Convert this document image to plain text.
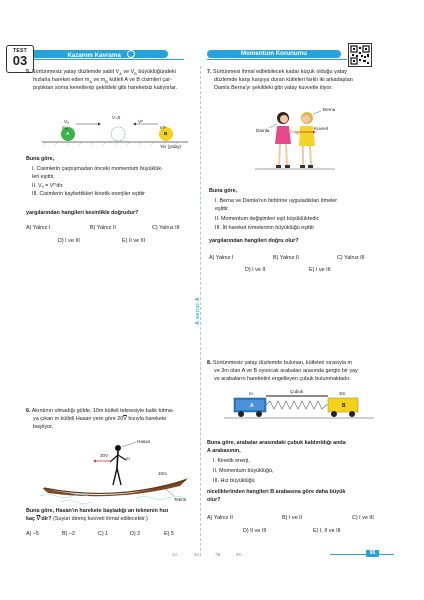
TEST
03	Kazanım Kavrama	Momentum Korunumu
A serisi A
5. Sürtünmesiz yatay düzlemde sabit $V_A$ ve $V_B$ büyüklüğündeki
hızlarla hareket eden $m_A$ ve $m_B$ kütleli A ve B cisimleri çar-
pıştıktan sonra kenetlenip şekildeki gibi hareketsiz kalıyorlar.
Vₐ	Vᵇ
V=0
mₐ	mᵇ
A	B
Yer (yatay)
Buna göre,
I. Cisimlerin çarpışmadan önceki momentum büyüklük-
leri eşittir.
II. Vₐ = Vᵇ'dir.
III. Cisimlerin kaybettikleri kinetik enerjiler eşittir
yargılarından hangileri kesinlikle doğrudur?
A) Yalnız I	B) Yalnız II	C) Yalnız III
D) I ve III	E) II ve III
6. Akıntının olmadığı gölde, 10m kütleli teknesiyle balık tutma-
ya çıkan m kütleli Hasan yere göre $20\overline{V}$ hızıyla harekete
başlıyor.
Hasan
20V
m
10m
Tekne
Buna göre, Hasan'ın harekete başladığı an teknenin hızı
kaç $\overline{V}'dir$? (Suyun direnç kuvveti ihmal edilecektir.)
A) –5	B) –2	C) 1	D) 2	E) 5
7. Sürtünmesi ihmal edilebilecek kadar küçük olduğu yatay
düzlemde karşı karşıya duran kütleleri farklı iki arkadaştan
Damla Berna'yı şekildeki gibi yatay kuvvetle itiyor.
Berna
Damla	Kuvvet
Buna göre,
I. Berna ve Damla'nın birbirine uyguladıkları itmeler
eşittir.
II. Momentum değişimleri eşit büyüklüktedir.
III. İtt hareket ivmelerinin büyüklüğü eşittir
yargılarından hangileri doğru olur?
A) Yalnız I	B) Yalnız II	C) Yalnız III
D) I ve II	E) I ve III
8. Sürtünmesiz yatay düzlemde bulunan, kütleleri sırasıyla m
ve 3m olan A ve B oyuncak arabaları arasında gergin bir yay
ve arabaların hareketini engelleyen çubuk bulunmaktadır.
m	3m
Çubuk
A	B
Buna göre, arabalar arasındaki çubuk kaldırıldığı anda
A arabasının,
I. Kinetik enerji,
II. Momentum büyüklüğü,
III. Hız büyüklüğü
niceliklerinden hangileri B arabasına göre daha büyük
olur?
A) Yalnız II	B) I ve II	C) I ve III
D) II ve III	E) I, II ve III
1A	4A	7B	8C	65
